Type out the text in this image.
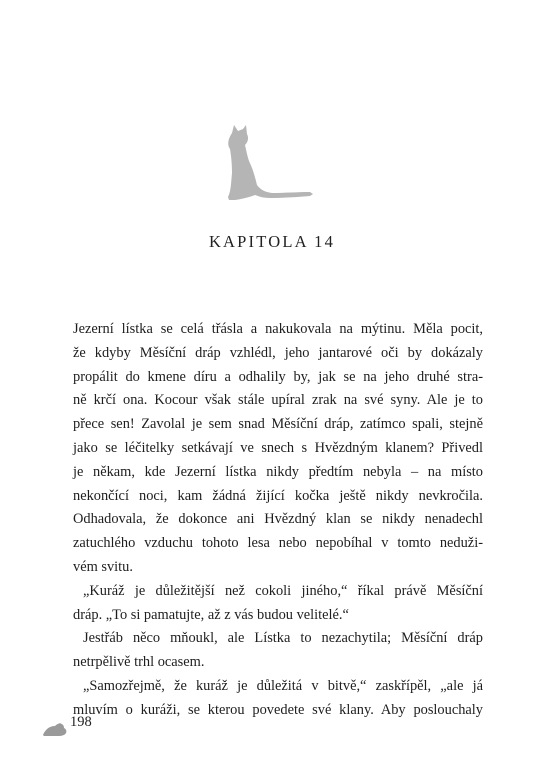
KAPITOLA 14
Jezerní lístka se celá třásla a nakukovala na mýtinu. Měla pocit,
že kdyby Měsíční dráp vzhlédl, jeho jantarové oči by dokázaly
propálit do kmene díru a odhalily by, jak se na jeho druhé stra-
ně krčí ona. Kocour však stále upíral zrak na své syny. Ale je to
přece sen! Zavolal je sem snad Měsíční dráp, zatímco spali, stejně
jako se léčitelky setkávají ve snech s Hvězdným klanem? Přivedl
je někam, kde Jezerní lístka nikdy předtím nebyla – na místo
nekončící noci, kam žádná žijící kočka ještě nikdy nevkročila.
Odhadovala, že dokonce ani Hvězdný klan se nikdy nenadechl
zatuchlého vzduchu tohoto lesa nebo nepobíhal v tomto neduži-
vém svitu.
„Kuráž je důležitější než cokoli jiného,“ říkal právě Měsíční
dráp. „To si pamatujte, až z vás budou velitelé.“
Jestřáb něco mňoukl, ale Lístka to nezachytila; Měsíční dráp
netrpělivě trhl ocasem.
„Samozřejmě, že kuráž je důležitá v bitvě,“ zaskřípěl, „ale já
mluvím o kuráži, se kterou povedete své klany. Aby poslouchaly
198
